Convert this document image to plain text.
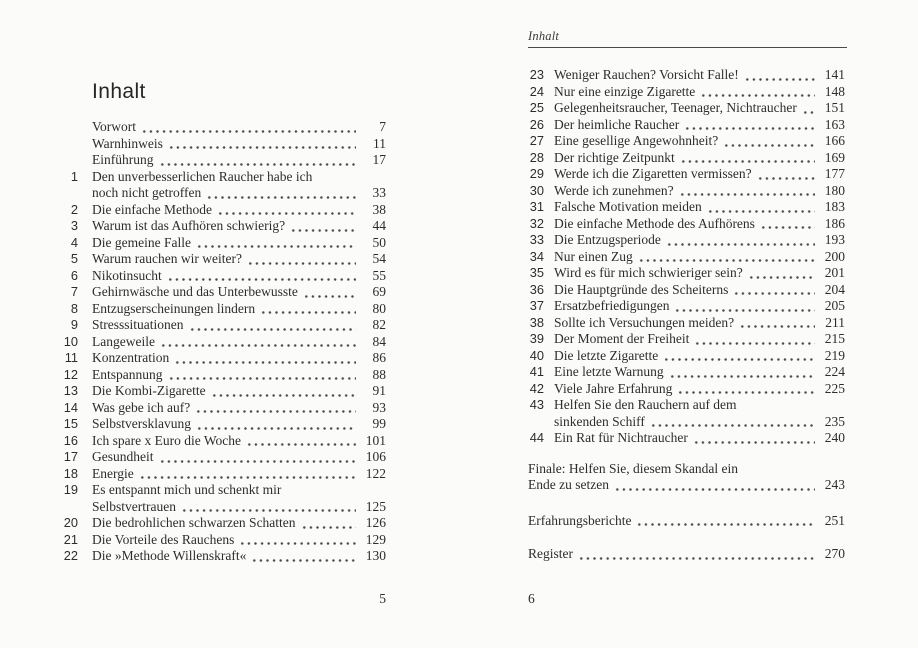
Inhalt
Vorwort	7
Warnhinweis	11
Einführung	17
1 Den unverbesserlichen Raucher habe ich
noch nicht getroffen	33
2 Die einfache Methode	38
3 Warum ist das Aufhören schwierig?	44
4 Die gemeine Falle	50
5 Warum rauchen wir weiter?	54
6 Nikotinsucht	55
7 Gehirnwäsche und das Unterbewusste	69
8 Entzugserscheinungen lindern	80
9 Stresssituationen	82
10 Langeweile	84
11 Konzentration	86
12 Entspannung	88
13 Die Kombi-Zigarette	91
14 Was gebe ich auf?	93
15 Selbstversklavung	99
16 Ich spare x Euro die Woche	101
17 Gesundheit	106
18 Energie	122
19 Es entspannt mich und schenkt mir
Selbstvertrauen	125
20 Die bedrohlichen schwarzen Schatten	126
21 Die Vorteile des Rauchens	129
22 Die »Methode Willenskraft«	130
5
Inhalt
23 Weniger Rauchen? Vorsicht Falle!	141
24 Nur eine einzige Zigarette	148
25 Gelegenheitsraucher, Teenager, Nichtraucher	151
26 Der heimliche Raucher	163
27 Eine gesellige Angewohnheit?	166
28 Der richtige Zeitpunkt	169
29 Werde ich die Zigaretten vermissen?	177
30 Werde ich zunehmen?	180
31 Falsche Motivation meiden	183
32 Die einfache Methode des Aufhörens	186
33 Die Entzugsperiode	193
34 Nur einen Zug	200
35 Wird es für mich schwieriger sein?	201
36 Die Hauptgründe des Scheiterns	204
37 Ersatzbefriedigungen	205
38 Sollte ich Versuchungen meiden?	211
39 Der Moment der Freiheit	215
40 Die letzte Zigarette	219
41 Eine letzte Warnung	224
42 Viele Jahre Erfahrung	225
43 Helfen Sie den Rauchern auf dem
sinkenden Schiff	235
44 Ein Rat für Nichtraucher	240
Finale: Helfen Sie, diesem Skandal ein
Ende zu setzen	243
Erfahrungsberichte	251
Register	270
6
